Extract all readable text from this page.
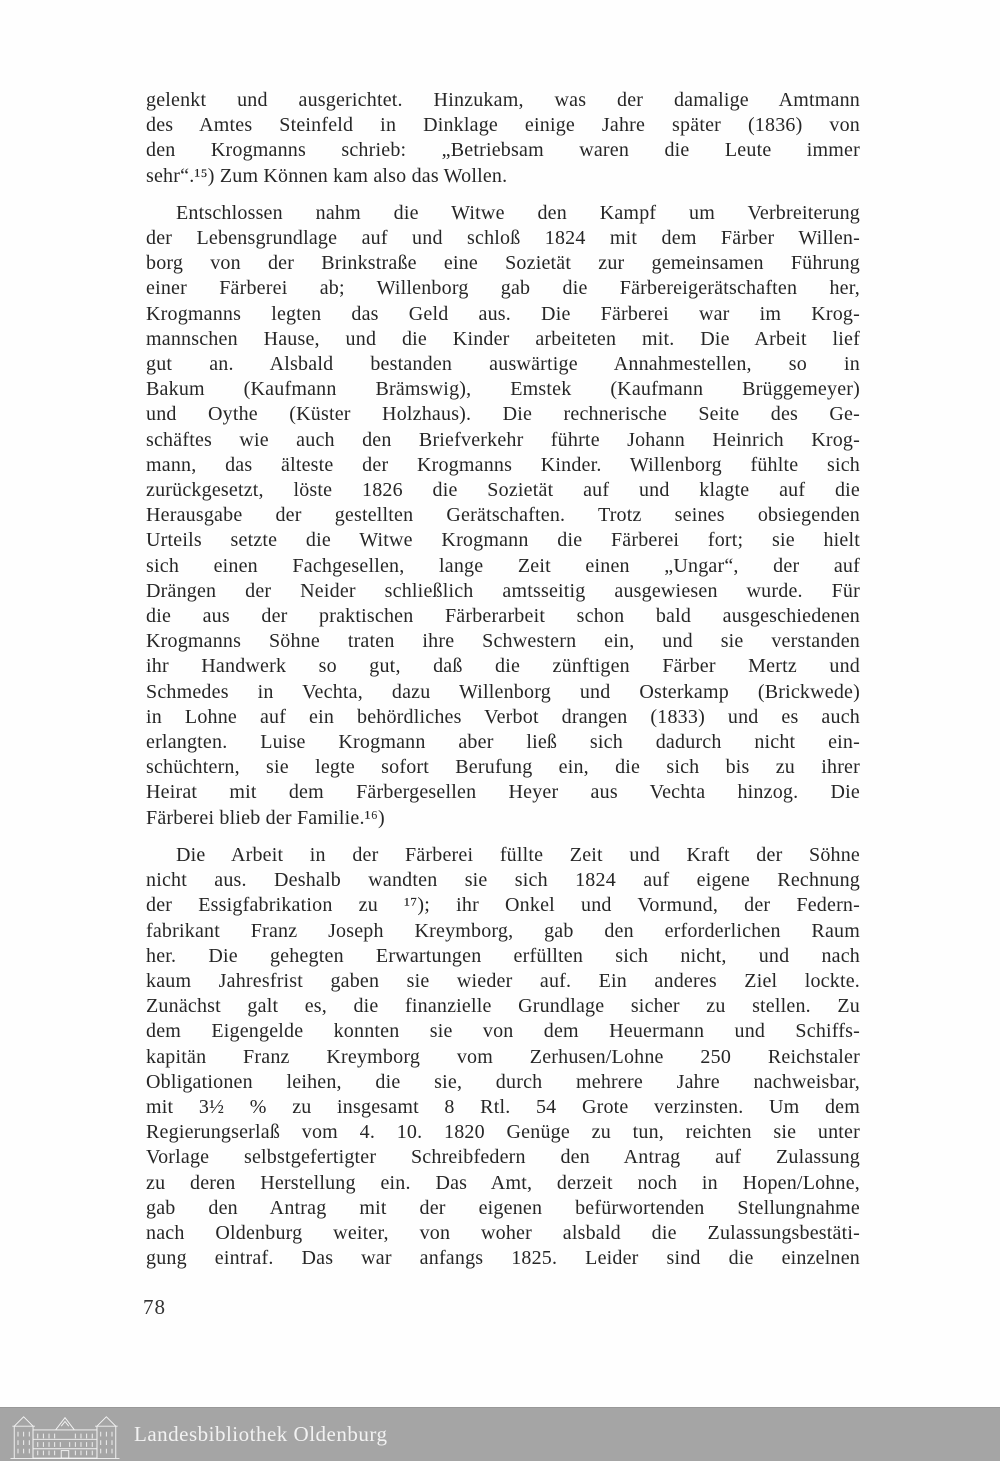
gelenkt und ausgerichtet. Hinzukam, was der damalige Amtmann
des Amtes Steinfeld in Dinklage einige Jahre später (1836) von
den Krogmanns schrieb: „Betriebsam waren die Leute immer
sehr“.¹⁵) Zum Können kam also das Wollen.
Entschlossen nahm die Witwe den Kampf um Verbreiterung
der Lebensgrundlage auf und schloß 1824 mit dem Färber Willen-
borg von der Brinkstraße eine Sozietät zur gemeinsamen Führung
einer Färberei ab; Willenborg gab die Färbereigerätschaften her,
Krogmanns legten das Geld aus. Die Färberei war im Krog-
mannschen Hause, und die Kinder arbeiteten mit. Die Arbeit lief
gut an. Alsbald bestanden auswärtige Annahmestellen, so in
Bakum (Kaufmann Brämswig), Emstek (Kaufmann Brüggemeyer)
und Oythe (Küster Holzhaus). Die rechnerische Seite des Ge-
schäftes wie auch den Briefverkehr führte Johann Heinrich Krog-
mann, das älteste der Krogmanns Kinder. Willenborg fühlte sich
zurückgesetzt, löste 1826 die Sozietät auf und klagte auf die
Herausgabe der gestellten Gerätschaften. Trotz seines obsiegenden
Urteils setzte die Witwe Krogmann die Färberei fort; sie hielt
sich einen Fachgesellen, lange Zeit einen „Ungar“, der auf
Drängen der Neider schließlich amtsseitig ausgewiesen wurde. Für
die aus der praktischen Färberarbeit schon bald ausgeschiedenen
Krogmanns Söhne traten ihre Schwestern ein, und sie verstanden
ihr Handwerk so gut, daß die zünftigen Färber Mertz und
Schmedes in Vechta, dazu Willenborg und Osterkamp (Brickwede)
in Lohne auf ein behördliches Verbot drangen (1833) und es auch
erlangten. Luise Krogmann aber ließ sich dadurch nicht ein-
schüchtern, sie legte sofort Berufung ein, die sich bis zu ihrer
Heirat mit dem Färbergesellen Heyer aus Vechta hinzog. Die
Färberei blieb der Familie.¹⁶)
Die Arbeit in der Färberei füllte Zeit und Kraft der Söhne
nicht aus. Deshalb wandten sie sich 1824 auf eigene Rechnung
der Essigfabrikation zu ¹⁷); ihr Onkel und Vormund, der Federn-
fabrikant Franz Joseph Kreymborg, gab den erforderlichen Raum
her. Die gehegten Erwartungen erfüllten sich nicht, und nach
kaum Jahresfrist gaben sie wieder auf. Ein anderes Ziel lockte.
Zunächst galt es, die finanzielle Grundlage sicher zu stellen. Zu
dem Eigengelde konnten sie von dem Heuermann und Schiffs-
kapitän Franz Kreymborg vom Zerhusen/Lohne 250 Reichstaler
Obligationen leihen, die sie, durch mehrere Jahre nachweisbar,
mit 3½ % zu insgesamt 8 Rtl. 54 Grote verzinsten. Um dem
Regierungserlaß vom 4. 10. 1820 Genüge zu tun, reichten sie unter
Vorlage selbstgefertigter Schreibfedern den Antrag auf Zulassung
zu deren Herstellung ein. Das Amt, derzeit noch in Hopen/Lohne,
gab den Antrag mit der eigenen befürwortenden Stellungnahme
nach Oldenburg weiter, von woher alsbald die Zulassungsbestäti-
gung eintraf. Das war anfangs 1825. Leider sind die einzelnen
78
Landesbibliothek Oldenburg
